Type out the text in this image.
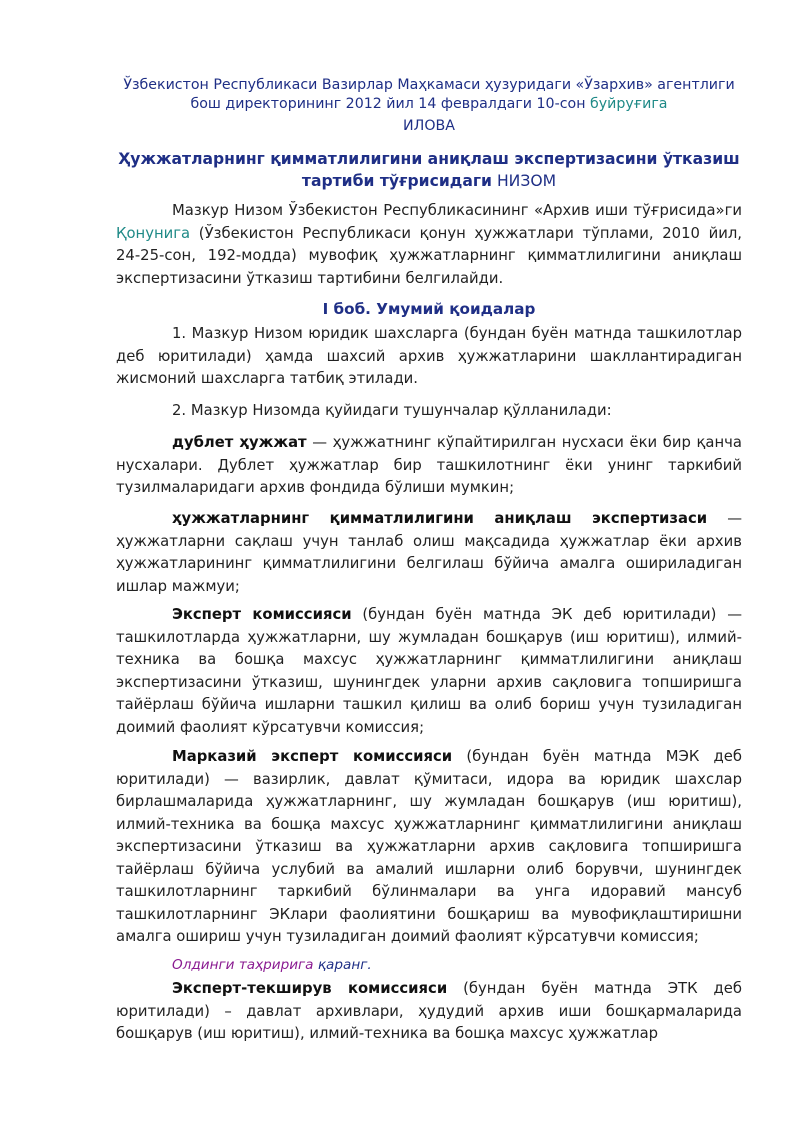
Ўзбекистон Республикаси Вазирлар Маҳкамаси ҳузуридаги «Ўзархив» агентлиги бош директорининг 2012 йил 14 февралдаги 10-сон буйруғига

ИЛОВА

Ҳужжатларнинг қимматлилигини аниқлаш экспертизасини ўтказиш тартиби тўғрисидаги НИЗОМ

Мазкур Низом Ўзбекистон Республикасининг «Архив иши тўғрисида»ги Қонунига (Ўзбекистон Республикаси қонун ҳужжатлари тўплами, 2010 йил, 24-25-сон, 192-модда) мувофиқ ҳужжатларнинг қимматлилигини аниқлаш экспертизасини ўтказиш тартибини белгилайди.

I боб. Умумий қоидалар

1. Мазкур Низом юридик шахсларга (бундан буён матнда ташкилотлар деб юритилади) ҳамда шахсий архив ҳужжатларини шакллантирадиган жисмоний шахсларга татбиқ этилади.

2. Мазкур Низомда қуйидаги тушунчалар қўлланилади:

дублет ҳужжат — ҳужжатнинг кўпайтирилган нусхаси ёки бир қанча нусхалари. Дублет ҳужжатлар бир ташкилотнинг ёки унинг таркибий тузилмаларидаги архив фондида бўлиши мумкин;

ҳужжатларнинг қимматлилигини аниқлаш экспертизаси — ҳужжатларни сақлаш учун танлаб олиш мақсадида ҳужжатлар ёки архив ҳужжатларининг қимматлилигини белгилаш бўйича амалга ошириладиган ишлар мажмуи;

Эксперт комиссияси (бундан буён матнда ЭК деб юритилади) — ташкилотларда ҳужжатларни, шу жумладан бошқарув (иш юритиш), илмий-техника ва бошқа махсус ҳужжатларнинг қимматлилигини аниқлаш экспертизасини ўтказиш, шунингдек уларни архив сақловига топширишга тайёрлаш бўйича ишларни ташкил қилиш ва олиб бориш учун тузиладиган доимий фаолият кўрсатувчи комиссия;

Марказий эксперт комиссияси (бундан буён матнда МЭК деб юритилади) — вазирлик, давлат қўмитаси, идора ва юридик шахслар бирлашмаларида ҳужжатларнинг, шу жумладан бошқарув (иш юритиш), илмий-техника ва бошқа махсус ҳужжатларнинг қимматлилигини аниқлаш экспертизасини ўтказиш ва ҳужжатларни архив сақловига топширишга тайёрлаш бўйича услубий ва амалий ишларни олиб борувчи, шунингдек ташкилотларнинг таркибий бўлинмалари ва унга идоравий мансуб ташкилотларнинг ЭКлари фаолиятини бошқариш ва мувофиқлаштиришни амалга ошириш учун тузиладиган доимий фаолият кўрсатувчи комиссия;

Олдинги таҳририга қаранг.

Эксперт-текширув комиссияси (бундан буён матнда ЭТК деб юритилади) – давлат архивлари, ҳудудий архив иши бошқармаларида бошқарув (иш юритиш), илмий-техника ва бошқа махсус ҳужжатлар
